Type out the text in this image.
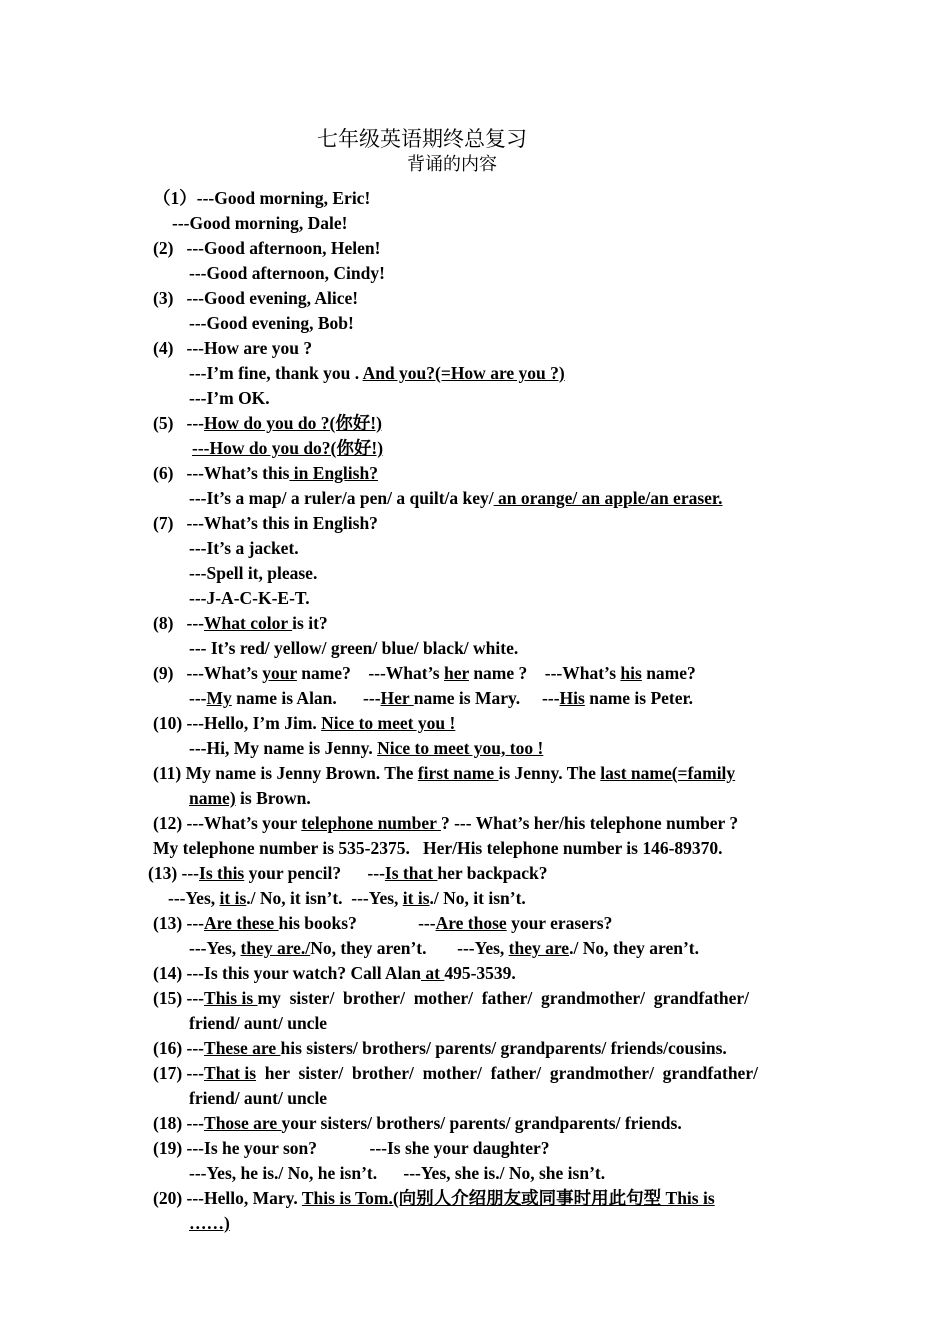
七年级英语期终总复习
背诵的内容
（1）---Good morning, Eric!
---Good morning, Dale!
(2)   ---Good afternoon, Helen!
---Good afternoon, Cindy!
(3)   ---Good evening, Alice!
---Good evening, Bob!
(4)   ---How are you ?
---I’m fine, thank you . And you?(=How are you ?)
---I’m OK.
(5)   ---How do you do ?(你好!)
---How do you do?(你好!)
(6)   ---What’s this in English?
---It’s a map/ a ruler/a pen/ a quilt/a key/ an orange/ an apple/an eraser.
(7)   ---What’s this in English?
---It’s a jacket.
---Spell it, please.
---J-A-C-K-E-T.
(8)   ---What color is it?
--- It’s red/ yellow/ green/ blue/ black/ white.
(9)   ---What’s your name?    ---What’s her name ?    ---What’s his name?
---My name is Alan.      ---Her name is Mary.     ---His name is Peter.
(10) ---Hello, I’m Jim. Nice to meet you !
---Hi, My name is Jenny. Nice to meet you, too !
(11) My name is Jenny Brown. The first name is Jenny. The last name(=family
name) is Brown.
(12) ---What’s your telephone number ? --- What’s her/his telephone number ?
My telephone number is 535-2375.   Her/His telephone number is 146-89370.
(13) ---Is this your pencil?      ---Is that her backpack?
---Yes, it is./ No, it isn’t.  ---Yes, it is./ No, it isn’t.
(13) ---Are these his books?              ---Are those your erasers?
---Yes, they are./No, they aren’t.       ---Yes, they are./ No, they aren’t.
(14) ---Is this your watch? Call Alan at 495-3539.
(15) ---This is my  sister/  brother/  mother/  father/  grandmother/  grandfather/
friend/ aunt/ uncle
(16) ---These are his sisters/ brothers/ parents/ grandparents/ friends/cousins.
(17) ---That is  her  sister/  brother/  mother/  father/  grandmother/  grandfather/
friend/ aunt/ uncle
(18) ---Those are your sisters/ brothers/ parents/ grandparents/ friends.
(19) ---Is he your son?            ---Is she your daughter?
---Yes, he is./ No, he isn’t.      ---Yes, she is./ No, she isn’t.
(20) ---Hello, Mary. This is Tom.(向别人介绍朋友或同事时用此句型 This is
……)
